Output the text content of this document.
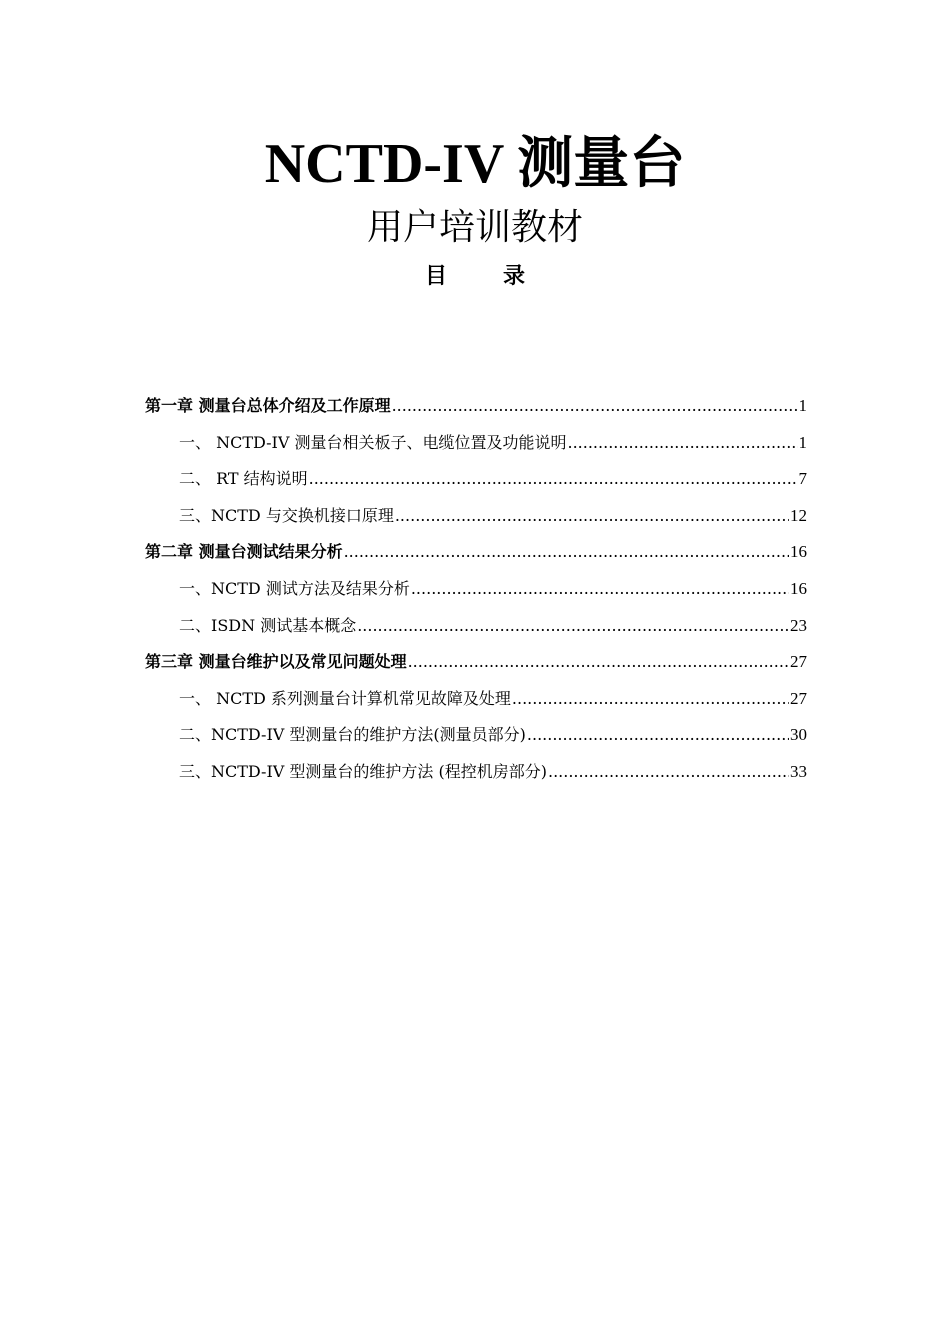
NCTD-IV 测量台
用户培训教材
目	录
第一章 测量台总体介绍及工作原理 .....	1
一、 NCTD-IV 测量台相关板子、电缆位置及功能说明 .....	1
二、 RT 结构说明 .....	7
三、NCTD 与交换机接口原理 .....	12
第二章 测量台测试结果分析 .....	16
一、NCTD 测试方法及结果分析 .....	16
二、ISDN 测试基本概念 .....	23
第三章 测量台维护以及常见问题处理 .....	27
一、 NCTD 系列测量台计算机常见故障及处理 .....	27
二、NCTD-IV 型测量台的维护方法(测量员部分) .....	30
三、NCTD-IV 型测量台的维护方法 (程控机房部分) .....	33
